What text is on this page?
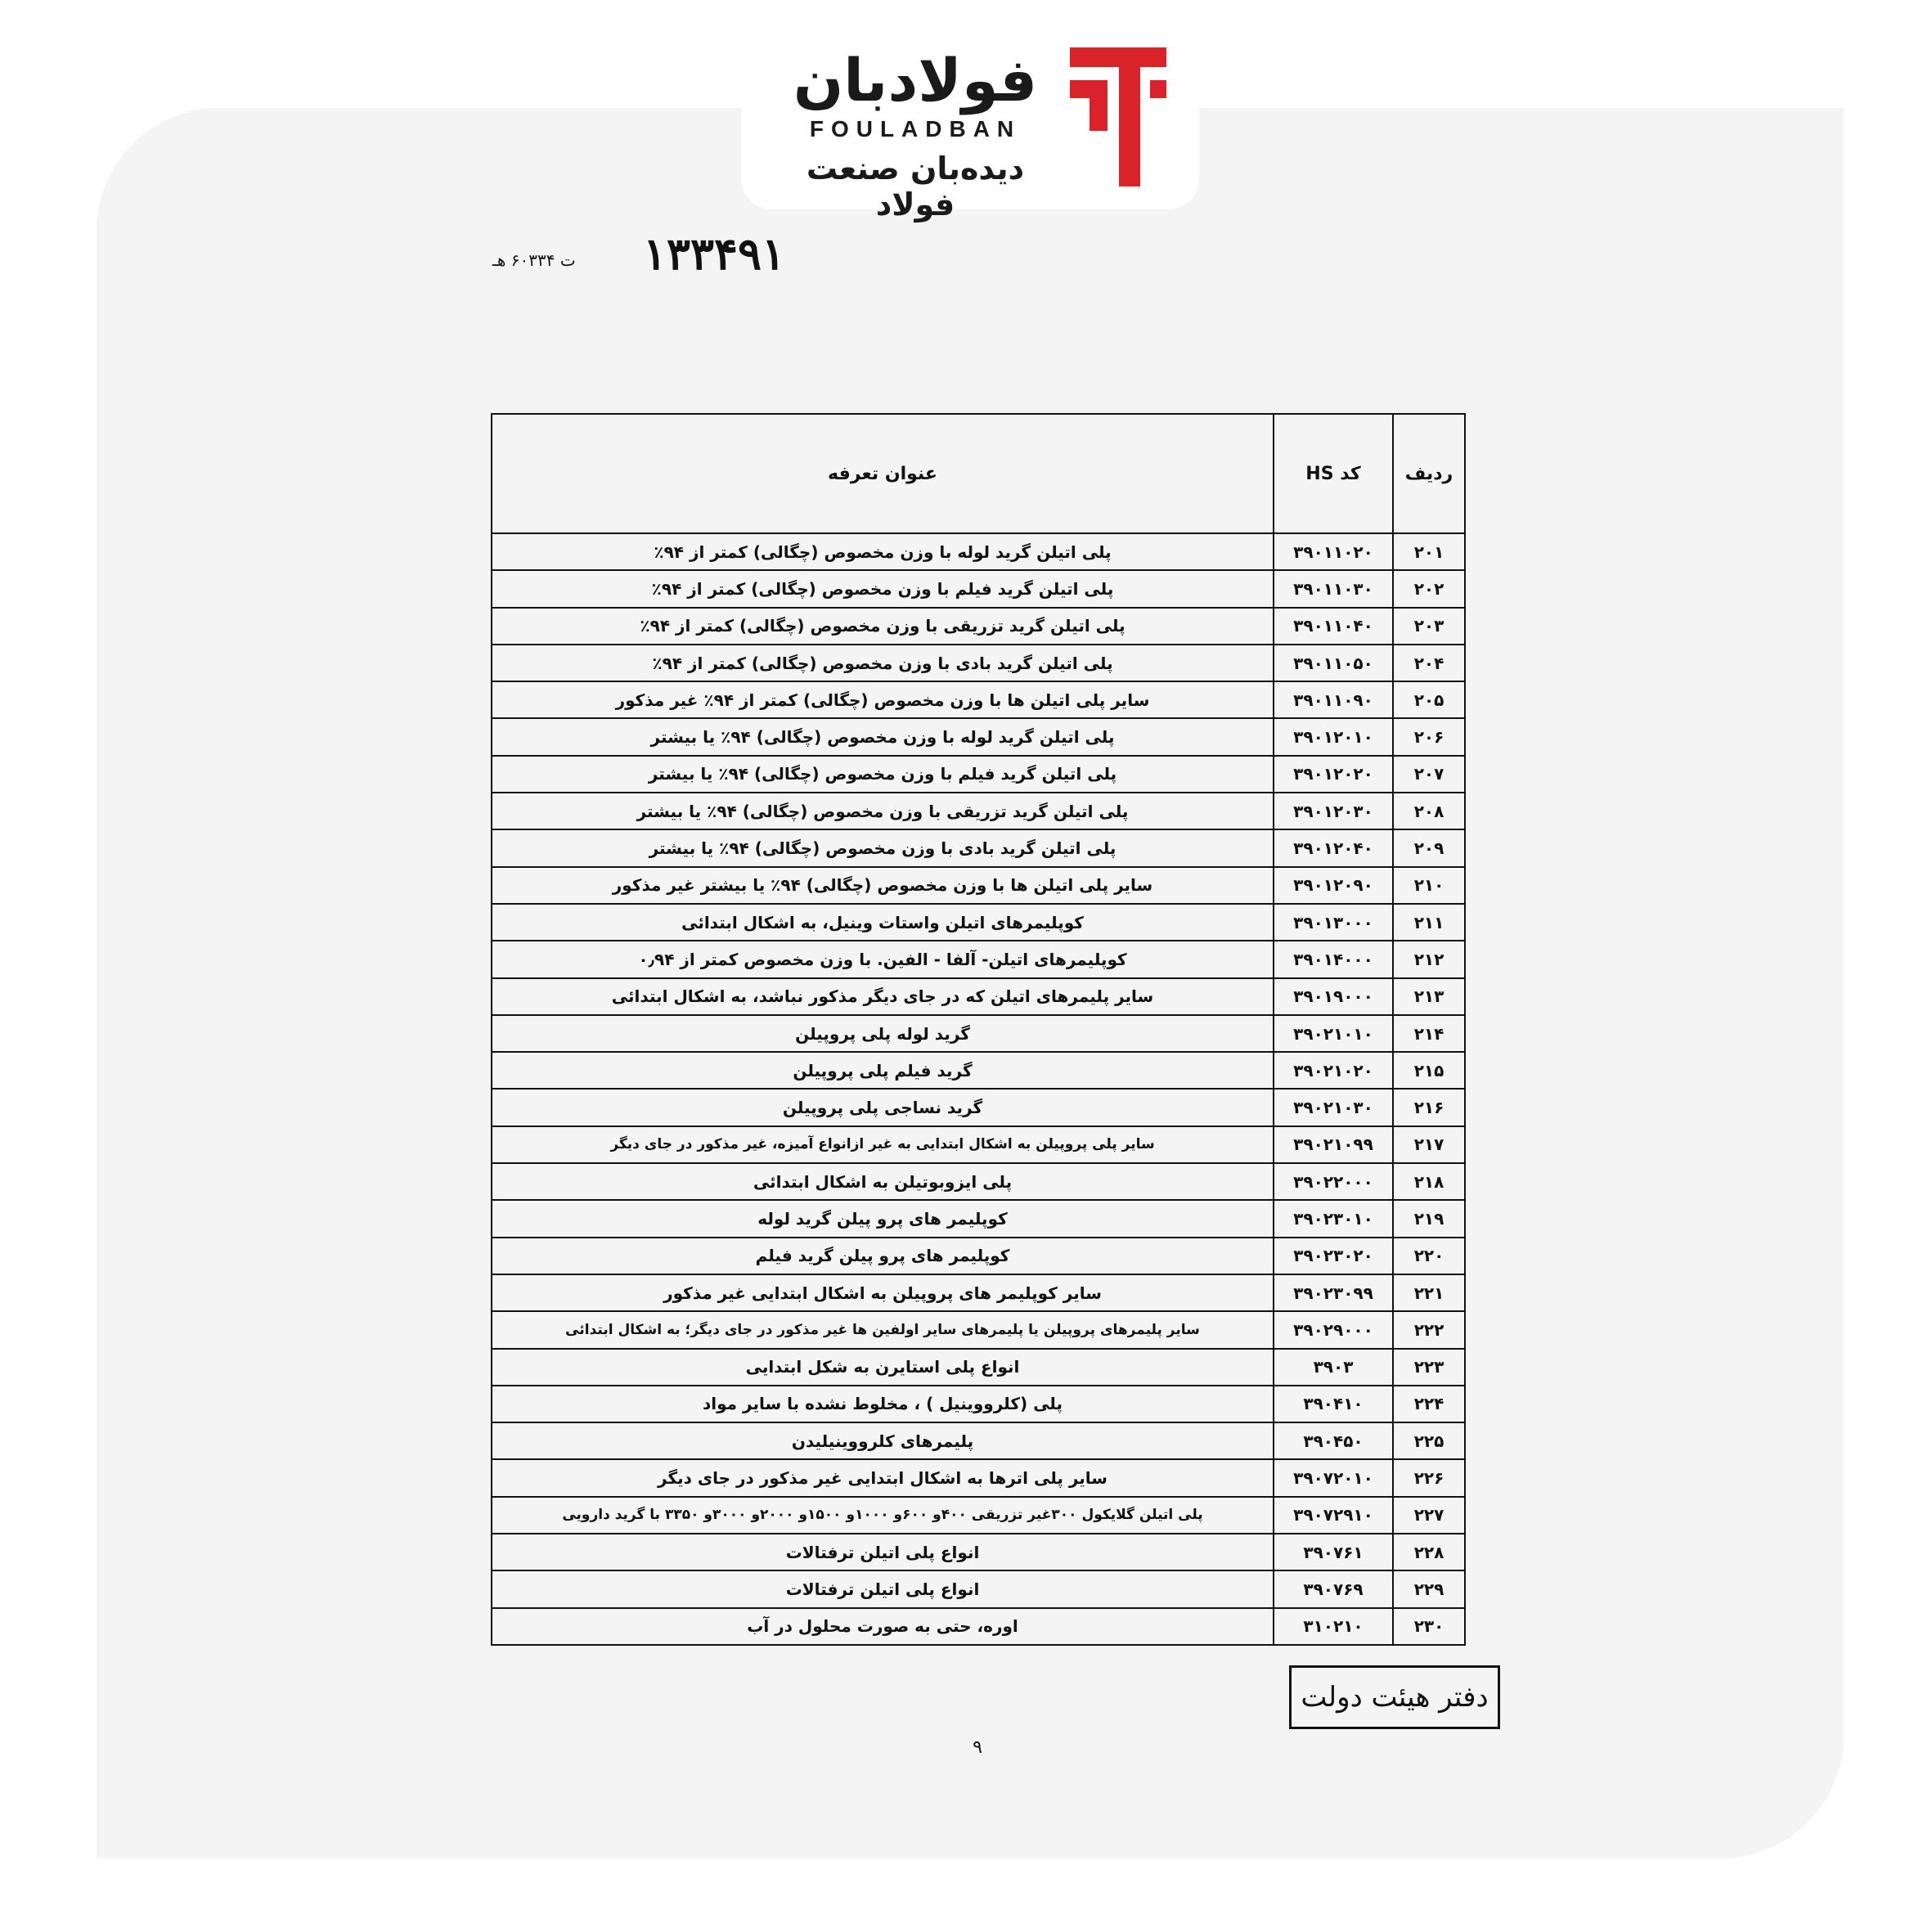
فولادبان
FOULADBAN
دیده‌بان صنعت فولاد
۱۳۳۴۹۱
ت ۶۰۳۳۴ هـ
ردیف	کد HS	عنوان تعرفه
۲۰۱	۳۹۰۱۱۰۲۰	پلی اتیلن گرید لوله با وزن مخصوص (چگالی) کمتر از ۹۴٪
۲۰۲	۳۹۰۱۱۰۳۰	پلی اتیلن گرید فیلم با وزن مخصوص (چگالی) کمتر از ۹۴٪
۲۰۳	۳۹۰۱۱۰۴۰	پلی اتیلن گرید تزریقی با وزن مخصوص (چگالی) کمتر از ۹۴٪
۲۰۴	۳۹۰۱۱۰۵۰	پلی اتیلن گرید بادی با وزن مخصوص (چگالی) کمتر از ۹۴٪
۲۰۵	۳۹۰۱۱۰۹۰	سایر پلی اتیلن ها با وزن مخصوص (چگالی) کمتر از ۹۴٪ غیر مذکور
۲۰۶	۳۹۰۱۲۰۱۰	پلی اتیلن گرید لوله با وزن مخصوص (چگالی) ۹۴٪ یا بیشتر
۲۰۷	۳۹۰۱۲۰۲۰	پلی اتیلن گرید فیلم با وزن مخصوص (چگالی) ۹۴٪ یا بیشتر
۲۰۸	۳۹۰۱۲۰۳۰	پلی اتیلن گرید تزریقی با وزن مخصوص (چگالی) ۹۴٪ یا بیشتر
۲۰۹	۳۹۰۱۲۰۴۰	پلی اتیلن گرید بادی با وزن مخصوص (چگالی) ۹۴٪ یا بیشتر
۲۱۰	۳۹۰۱۲۰۹۰	سایر پلی اتیلن ها با وزن مخصوص (چگالی) ۹۴٪ یا بیشتر غیر مذکور
۲۱۱	۳۹۰۱۳۰۰۰	کوپلیمرهای اتیلن واستات وینیل، به اشکال ابتدائی
۲۱۲	۳۹۰۱۴۰۰۰	کوپلیمرهای اتیلن- آلفا - الفین. با وزن مخصوص کمتر از ۰٫۹۴
۲۱۳	۳۹۰۱۹۰۰۰	سایر پلیمرهای اتیلن که در جای دیگر مذکور نباشد، به اشکال ابتدائی
۲۱۴	۳۹۰۲۱۰۱۰	گرید لوله پلی پروپیلن
۲۱۵	۳۹۰۲۱۰۲۰	گرید فیلم پلی پروپیلن
۲۱۶	۳۹۰۲۱۰۳۰	گرید نساجی پلی پروپیلن
۲۱۷	۳۹۰۲۱۰۹۹	سایر پلی پروپیلن به اشکال ابتدایی به غیر ازانواع آمیزه، غیر مذکور در جای دیگر
۲۱۸	۳۹۰۲۲۰۰۰	پلی ایزوبوتیلن به اشکال ابتدائی
۲۱۹	۳۹۰۲۳۰۱۰	کوپلیمر های پرو پیلن گرید لوله
۲۲۰	۳۹۰۲۳۰۲۰	کوپلیمر های پرو پیلن گرید فیلم
۲۲۱	۳۹۰۲۳۰۹۹	سایر کوپلیمر های پروپیلن به اشکال ابتدایی غیر مذکور
۲۲۲	۳۹۰۲۹۰۰۰	سایر پلیمرهای پروپیلن یا پلیمرهای سایر اولفین ها غیر مذکور در جای دیگر؛ به اشکال ابتدائی
۲۲۳	۳۹۰۳	انواع پلی استایرن به شکل ابتدایی
۲۲۴	۳۹۰۴۱۰	پلی (کلرووینیل ) ، مخلوط نشده با سایر مواد
۲۲۵	۳۹۰۴۵۰	پلیمرهای کلرووینیلیدن
۲۲۶	۳۹۰۷۲۰۱۰	سایر پلی اترها به اشکال ابتدایی غیر مذکور در جای دیگر
۲۲۷	۳۹۰۷۲۹۱۰	پلی اتیلن گلایکول ۳۰۰غیر تزریقی ۴۰۰و ۶۰۰و ۱۰۰۰و ۱۵۰۰و ۲۰۰۰و ۳۰۰۰و ۳۳۵۰ با گرید دارویی
۲۲۸	۳۹۰۷۶۱	انواع پلی اتیلن ترفتالات
۲۲۹	۳۹۰۷۶۹	انواع پلی اتیلن ترفتالات
۲۳۰	۳۱۰۲۱۰	اوره، حتی به صورت محلول در آب
دفتر هیئت دولت
۹
